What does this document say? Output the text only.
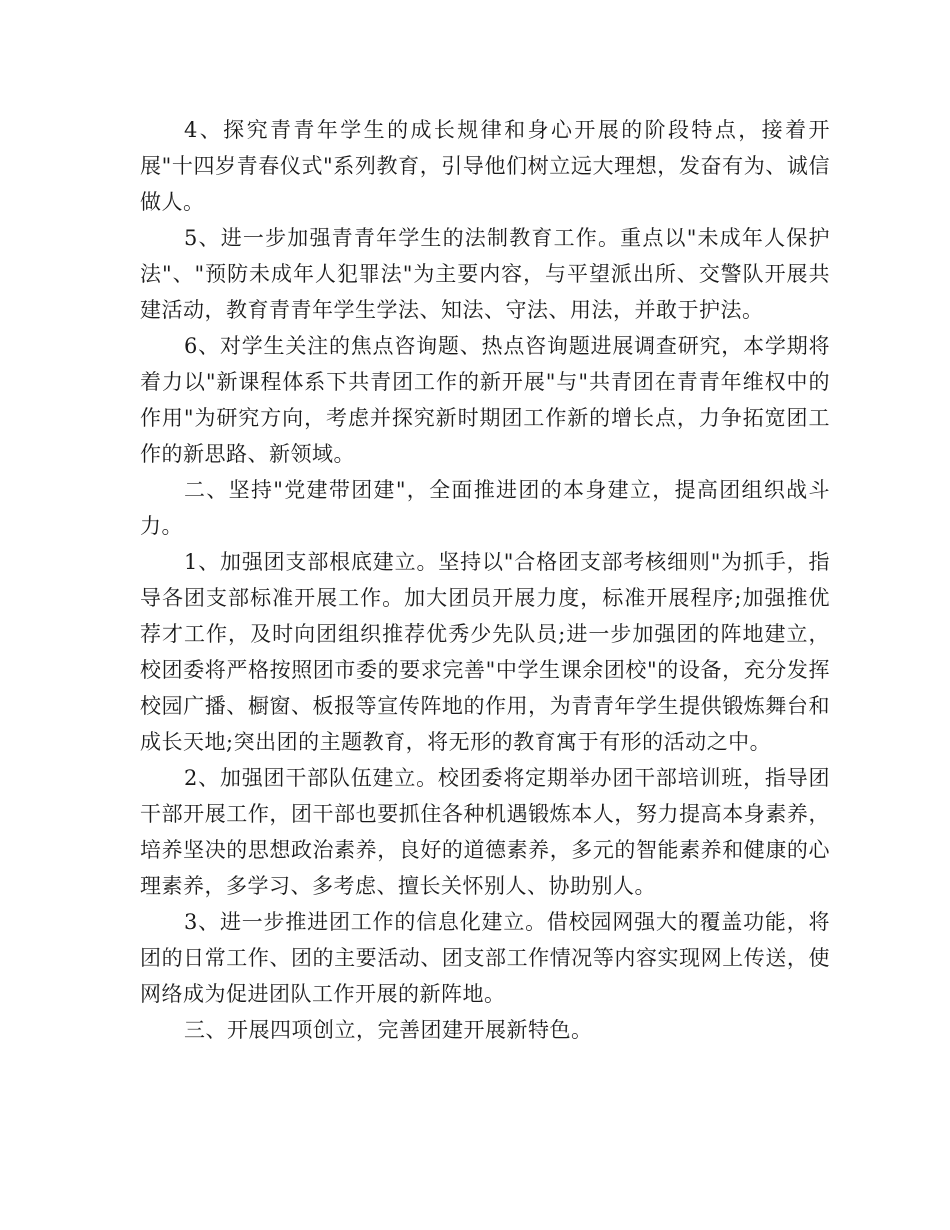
4、探究青青年学生的成长规律和身心开展的阶段特点，接着开展"十四岁青春仪式"系列教育，引导他们树立远大理想，发奋有为、诚信做人。

5、进一步加强青青年学生的法制教育工作。重点以"未成年人保护法"、"预防未成年人犯罪法"为主要内容，与平望派出所、交警队开展共建活动，教育青青年学生学法、知法、守法、用法，并敢于护法。

6、对学生关注的焦点咨询题、热点咨询题进展调查研究，本学期将着力以"新课程体系下共青团工作的新开展"与"共青团在青青年维权中的作用"为研究方向，考虑并探究新时期团工作新的增长点，力争拓宽团工作的新思路、新领域。

二、坚持"党建带团建"，全面推进团的本身建立，提高团组织战斗力。

1、加强团支部根底建立。坚持以"合格团支部考核细则"为抓手，指导各团支部标准开展工作。加大团员开展力度，标准开展程序;加强推优荐才工作，及时向团组织推荐优秀少先队员;进一步加强团的阵地建立，校团委将严格按照团市委的要求完善"中学生课余团校"的设备，充分发挥校园广播、橱窗、板报等宣传阵地的作用，为青青年学生提供锻炼舞台和成长天地;突出团的主题教育，将无形的教育寓于有形的活动之中。

2、加强团干部队伍建立。校团委将定期举办团干部培训班，指导团干部开展工作，团干部也要抓住各种机遇锻炼本人，努力提高本身素养，培养坚决的思想政治素养，良好的道德素养，多元的智能素养和健康的心理素养，多学习、多考虑、擅长关怀别人、协助别人。

3、进一步推进团工作的信息化建立。借校园网强大的覆盖功能，将团的日常工作、团的主要活动、团支部工作情况等内容实现网上传送，使网络成为促进团队工作开展的新阵地。

三、开展四项创立，完善团建开展新特色。
